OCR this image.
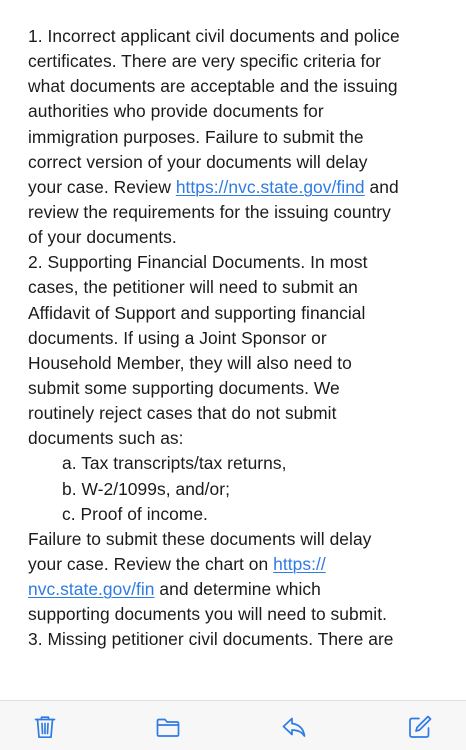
1. Incorrect applicant civil documents and police
certificates. There are very specific criteria for
what documents are acceptable and the issuing
authorities who provide documents for
immigration purposes. Failure to submit the
correct version of your documents will delay
your case. Review https://nvc.state.gov/find and
review the requirements for the issuing country
of your documents.
2. Supporting Financial Documents. In most
cases, the petitioner will need to submit an
Affidavit of Support and supporting financial
documents. If using a Joint Sponsor or
Household Member, they will also need to
submit some supporting documents. We
routinely reject cases that do not submit
documents such as:
a. Tax transcripts/tax returns,
b. W-2/1099s, and/or;
c. Proof of income.
Failure to submit these documents will delay
your case. Review the chart on https://
nvc.state.gov/fin and determine which
supporting documents you will need to submit.
3. Missing petitioner civil documents. There are
